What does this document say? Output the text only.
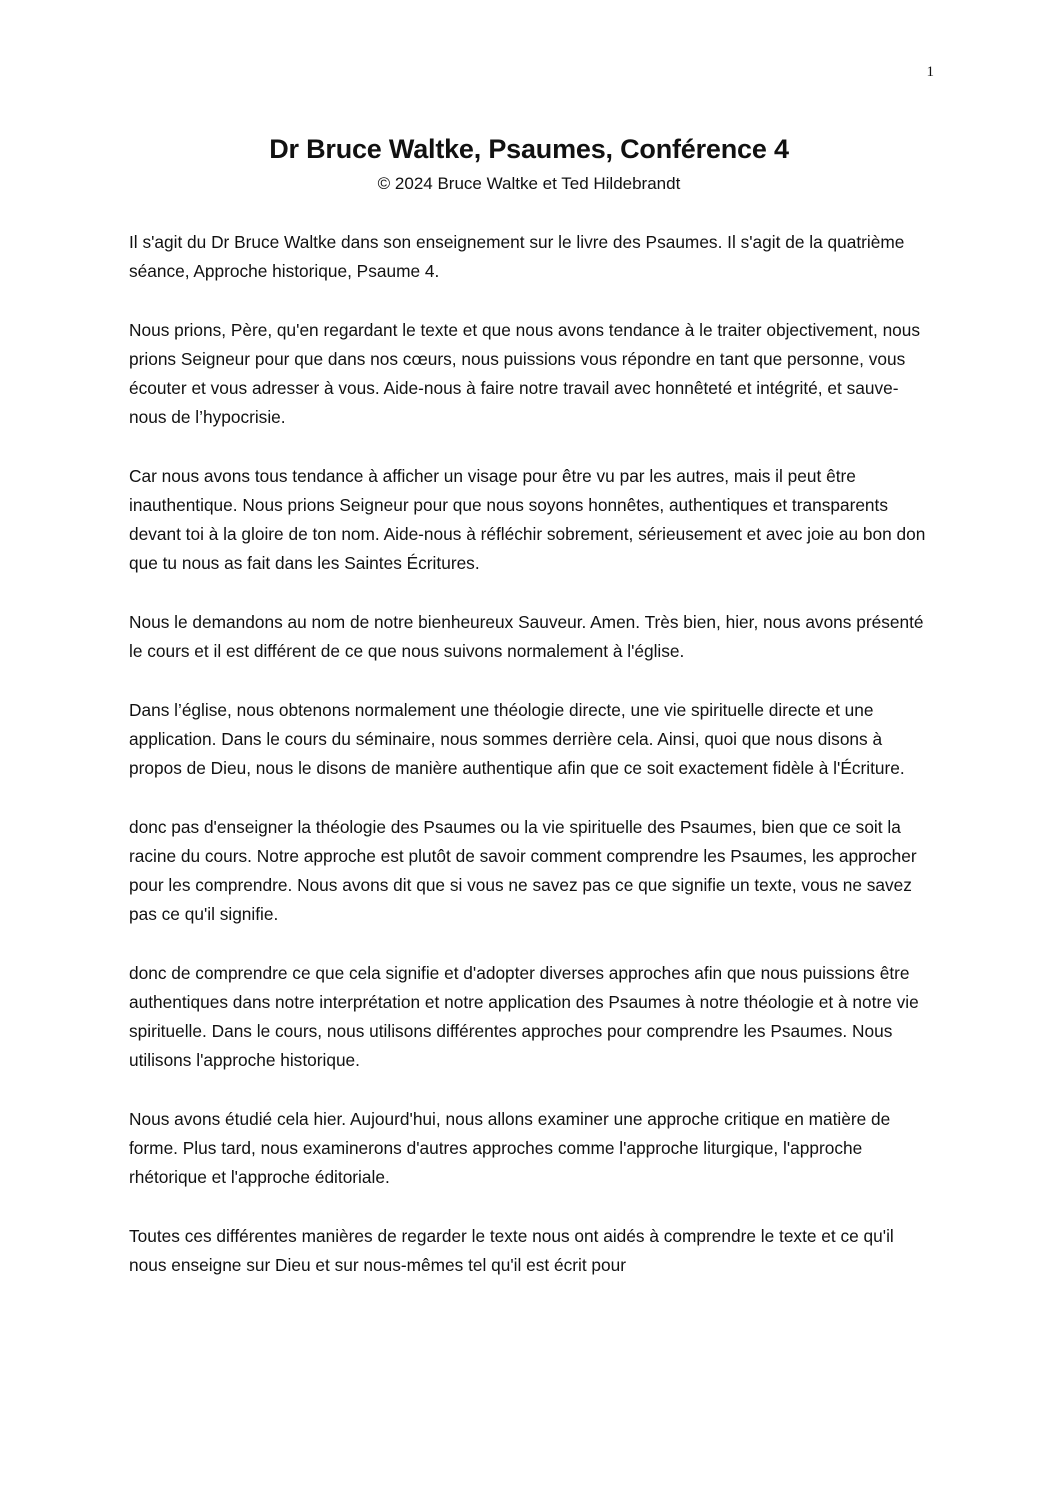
1
Dr Bruce Waltke, Psaumes, Conférence 4
© 2024 Bruce Waltke et Ted Hildebrandt

Il s'agit du Dr Bruce Waltke dans son enseignement sur le livre des Psaumes. Il s'agit de la quatrième séance, Approche historique, Psaume 4.

Nous prions, Père, qu'en regardant le texte et que nous avons tendance à le traiter objectivement, nous prions Seigneur pour que dans nos cœurs, nous puissions vous répondre en tant que personne, vous écouter et vous adresser à vous. Aide-nous à faire notre travail avec honnêteté et intégrité, et sauve-nous de l’hypocrisie.

Car nous avons tous tendance à afficher un visage pour être vu par les autres, mais il peut être inauthentique. Nous prions Seigneur pour que nous soyons honnêtes, authentiques et transparents devant toi à la gloire de ton nom. Aide-nous à réfléchir sobrement, sérieusement et avec joie au bon don que tu nous as fait dans les Saintes Écritures.

Nous le demandons au nom de notre bienheureux Sauveur. Amen. Très bien, hier, nous avons présenté le cours et il est différent de ce que nous suivons normalement à l'église.

Dans l’église, nous obtenons normalement une théologie directe, une vie spirituelle directe et une application. Dans le cours du séminaire, nous sommes derrière cela. Ainsi, quoi que nous disons à propos de Dieu, nous le disons de manière authentique afin que ce soit exactement fidèle à l'Écriture.

donc pas d'enseigner la théologie des Psaumes ou la vie spirituelle des Psaumes, bien que ce soit la racine du cours. Notre approche est plutôt de savoir comment comprendre les Psaumes, les approcher pour les comprendre. Nous avons dit que si vous ne savez pas ce que signifie un texte, vous ne savez pas ce qu'il signifie.

donc de comprendre ce que cela signifie et d'adopter diverses approches afin que nous puissions être authentiques dans notre interprétation et notre application des Psaumes à notre théologie et à notre vie spirituelle. Dans le cours, nous utilisons différentes approches pour comprendre les Psaumes. Nous utilisons l'approche historique.

Nous avons étudié cela hier. Aujourd'hui, nous allons examiner une approche critique en matière de forme. Plus tard, nous examinerons d'autres approches comme l'approche liturgique, l'approche rhétorique et l'approche éditoriale.

Toutes ces différentes manières de regarder le texte nous ont aidés à comprendre le texte et ce qu'il nous enseigne sur Dieu et sur nous-mêmes tel qu'il est écrit pour
